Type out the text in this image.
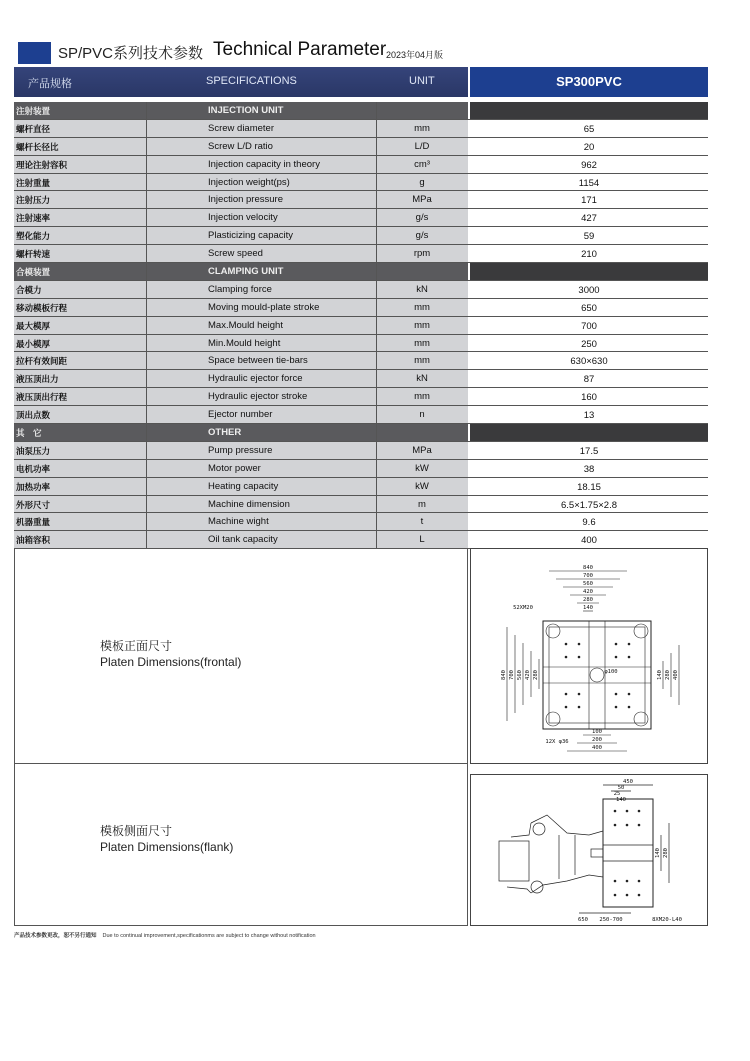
SP/PVC系列技术参数 Technical Parameter 2023年04月版
产品规格	SPECIFICATIONS	UNIT	SP300PVC
注射装置	INJECTION UNIT
螺杆直径	Screw diameter	mm	65
螺杆长径比	Screw L/D ratio	L/D	20
理论注射容积	Injection capacity in theory	cm³	962
注射重量	Injection weight(ps)	g	1154
注射压力	Injection pressure	MPa	171
注射速率	Injection velocity	g/s	427
塑化能力	Plasticizing capacity	g/s	59
螺杆转速	Screw speed	rpm	210
合模装置	CLAMPING UNIT
合模力	Clamping force	kN	3000
移动模板行程	Moving mould-plate stroke	mm	650
最大模厚	Max.Mould height	mm	700
最小模厚	Min.Mould height	mm	250
拉杆有效间距	Space between tie-bars	mm	630×630
液压顶出力	Hydraulic ejector force	kN	87
液压顶出行程	Hydraulic ejector stroke	mm	160
顶出点数	Ejector number	n	13
其　它	OTHER
油泵压力	Pump pressure	MPa	17.5
电机功率	Motor power	kW	38
加热功率	Heating capacity	kW	18.15
外形尺寸	Machine dimension	m	6.5×1.75×2.8
机器重量	Machine wight	t	9.6
油箱容积	Oil tank capacity	L	400
模板正面尺寸
Platen Dimensions(frontal)
模板侧面尺寸
Platen Dimensions(flank)
840
700
560
420
280
140
840 700 560 420 280	140 280 400
100
200
400
52XM20
12X φ36
φ100
450
50
25
140
140 280
650 250-700	8XM20-L40
产品技术参数更改，恕不另行通知 Due to continual improvement,specificationms are subject to change without notification
